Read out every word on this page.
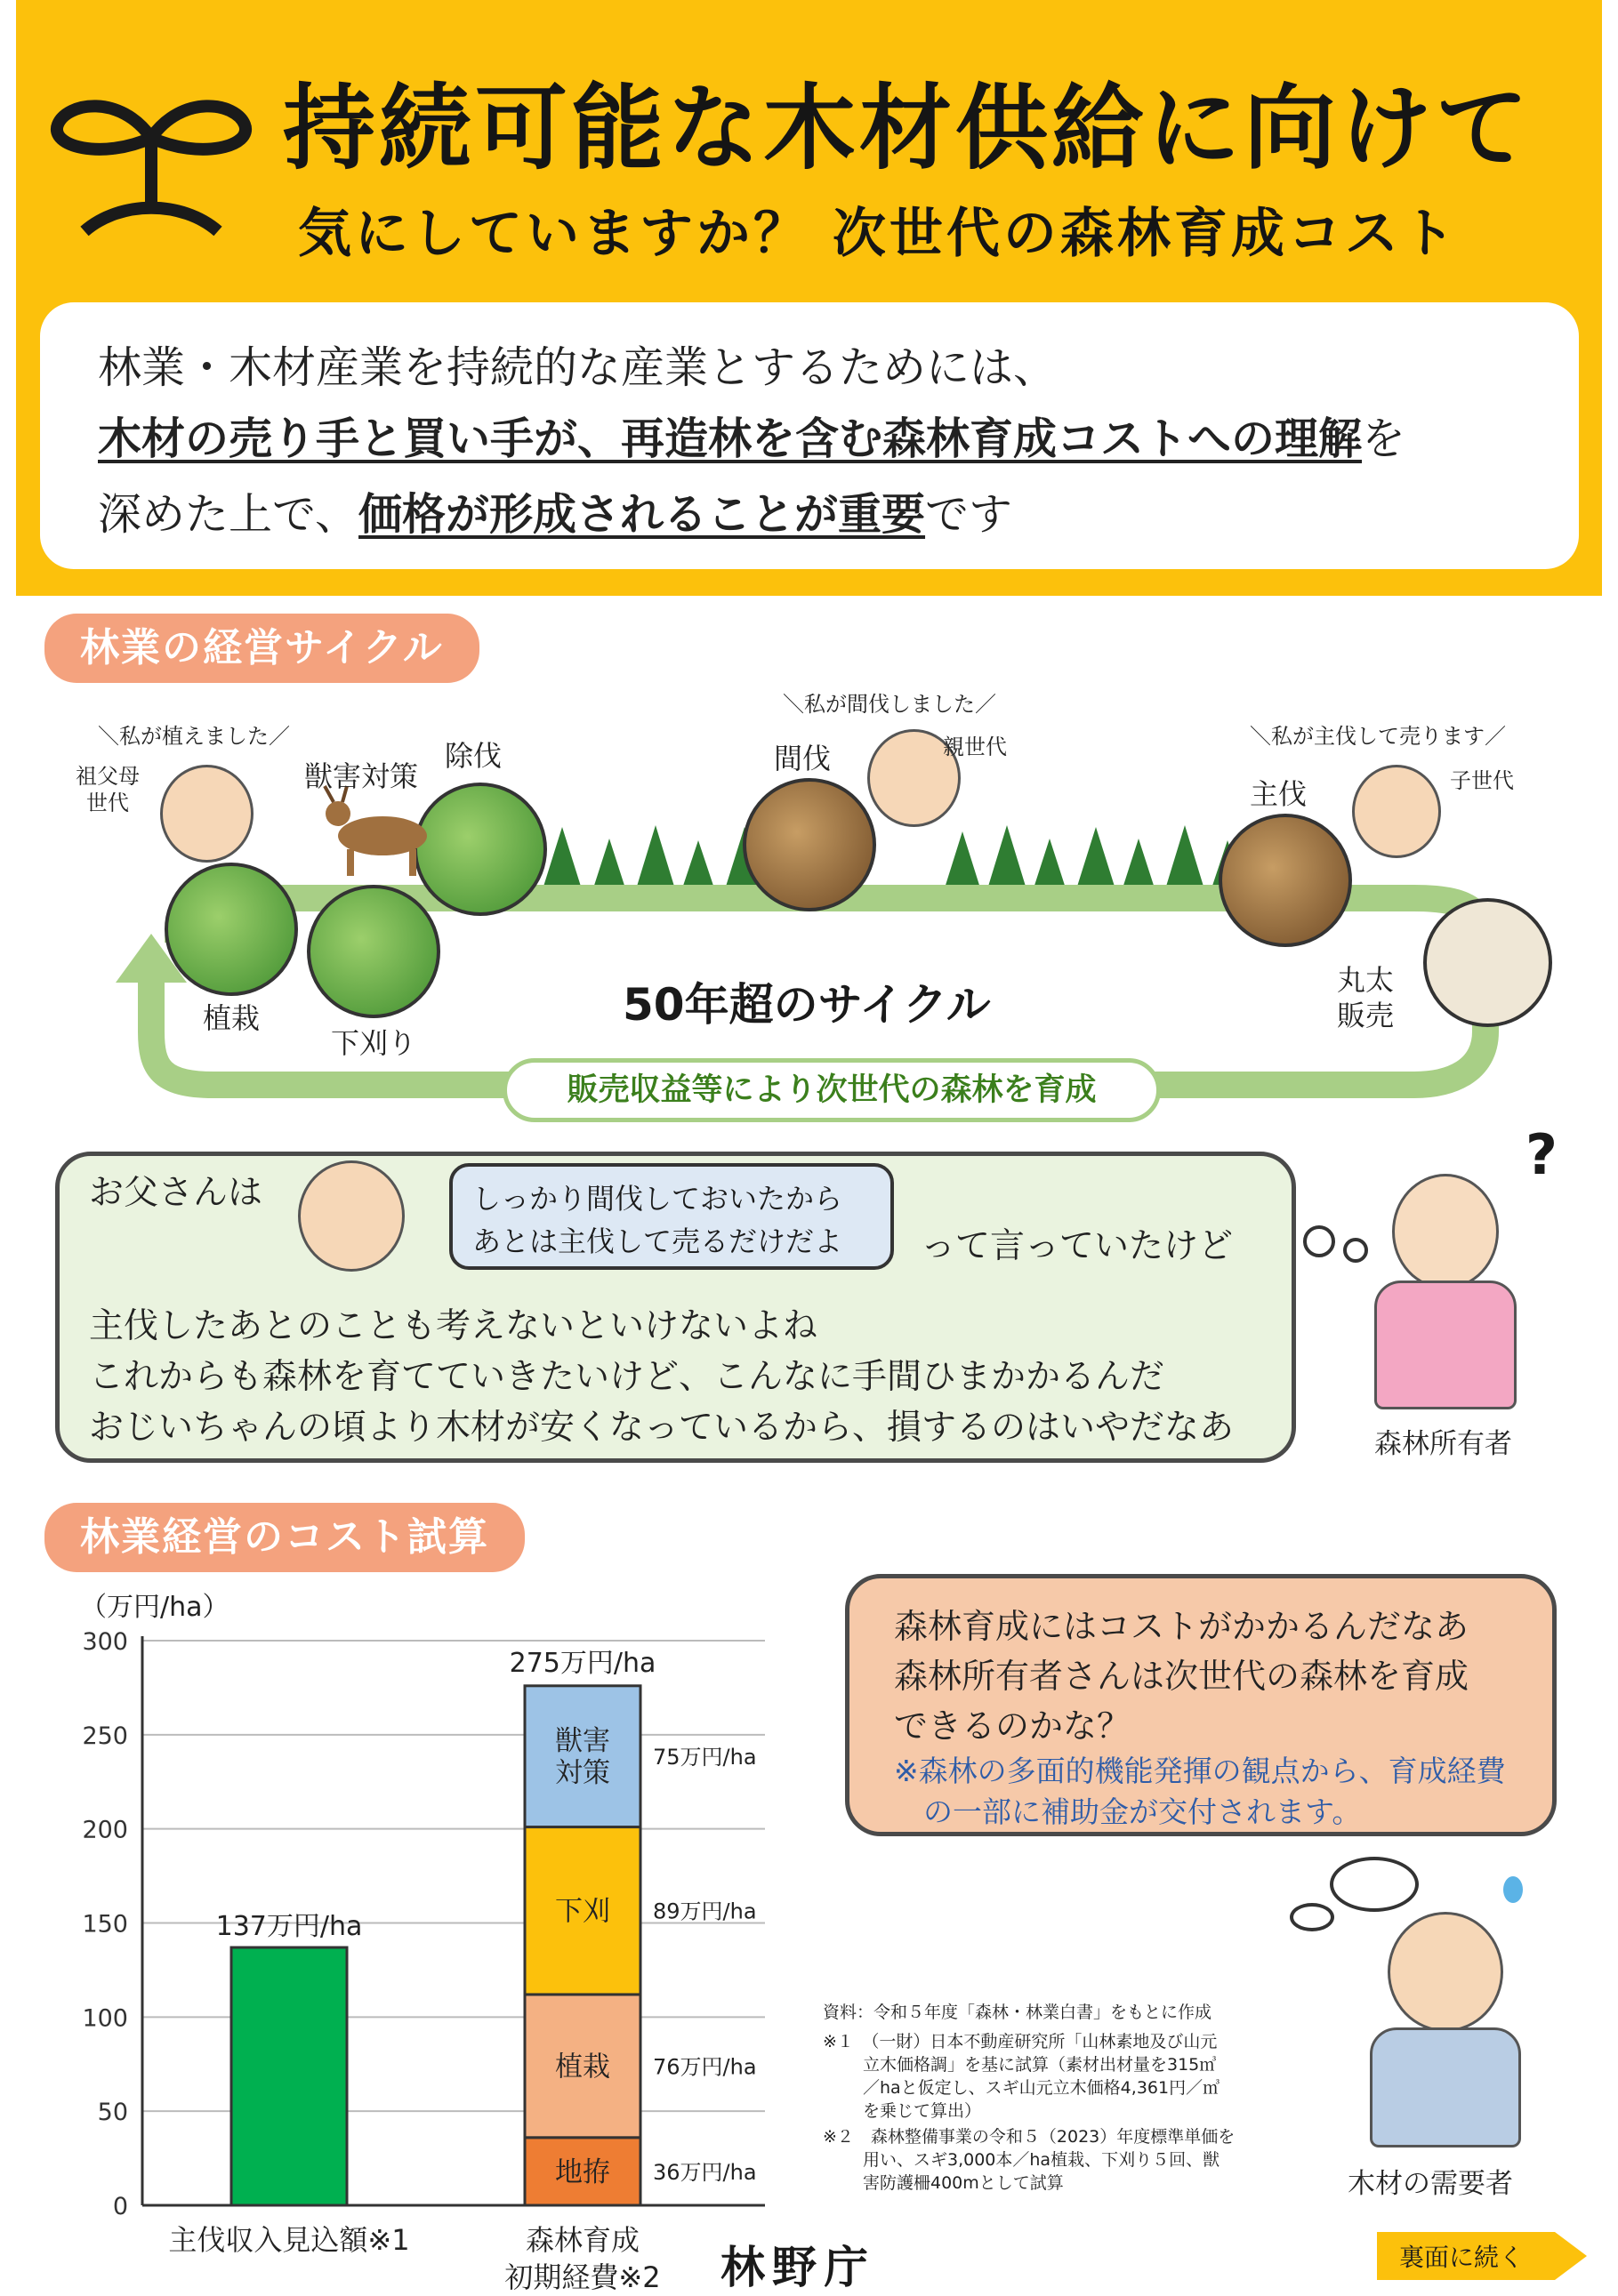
持続可能な木材供給に向けて
気にしていますか？ 次世代の森林育成コスト
林業・木材産業を持続的な産業とするためには、
木材の売り手と買い手が、再造林を含む森林育成コストへの理解を
深めた上で、価格が形成されることが重要です
林業の経営サイクル
＼私が植えました／
祖父母
世代
＼私が間伐しました／
親世代	＼私が主伐して売ります／
子世代
植栽
獣害対策
下刈り
除伐	間伐
主伐
丸太
販売
50年超のサイクル
販売収益等により次世代の森林を育成
お父さんは	しっかり間伐しておいたから
あとは主伐して売るだけだよ	って言っていたけど
主伐したあとのことも考えないといけないよね
これからも森林を育てていきたいけど、こんなに手間ひまかかるんだ
おじいちゃんの頃より木材が安くなっているから、損するのはいやだなあ
?
森林所有者
林業経営のコスト試算
（万円/ha）
0
50
100
150
200
250
300
137万円/ha
地拵 36万円/ha
植栽 76万円/ha
下刈 89万円/ha
獣害
対策 75万円/ha
275万円/ha
主伐収入見込額※1	森林育成
初期経費※2
森林育成にはコストがかかるんだなあ
森林所有者さんは次世代の森林を育成
できるのかな？
※森林の多面的機能発揮の観点から、育成経費
　の一部に補助金が交付されます。
木材の需要者
資料：令和５年度「森林・林業白書」をもとに作成
※１　（一財）日本不動産研究所「山林素地及び山元
立木価格調」を基に試算（素材出材量を315㎥
／haと仮定し、スギ山元立木価格4,361円／㎥
を乗じて算出）
※２　森林整備事業の令和５（2023）年度標準単価を
用い、スギ3,000本／ha植栽、下刈り５回、獣
害防護柵400mとして試算
林野庁	裏面に続く
